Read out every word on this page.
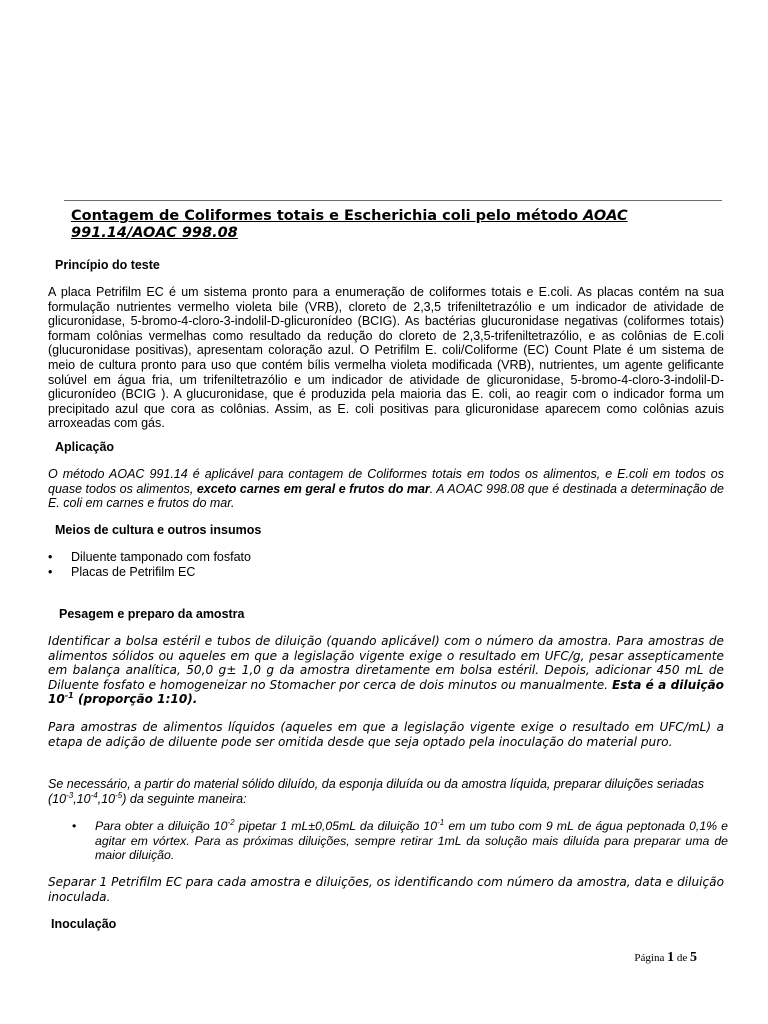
Contagem de Coliformes totais e Escherichia coli pelo método AOAC 991.14/AOAC 998.08
Princípio do teste

A placa Petrifilm EC é um sistema pronto para a enumeração de coliformes totais e E.coli. As placas contém na sua formulação nutrientes vermelho violeta bile (VRB), cloreto de 2,3,5 trifeniltetrazólio e um indicador de atividade de glicuronidase, 5-bromo-4-cloro-3-indolil-D-glicuronídeo (BCIG). As bactérias glucuronidase negativas (coliformes totais) formam colônias vermelhas como resultado da redução do cloreto de 2,3,5-trifeniltetrazólio, e as colônias de E.coli (glucuronidase positivas), apresentam coloração azul. O Petrifilm E. coli/Coliforme (EC) Count Plate é um sistema de meio de cultura pronto para uso que contém bílis vermelha violeta modificada (VRB), nutrientes, um agente gelificante solúvel em água fria, um trifeniltetrazólio e um indicador de atividade de glicuronidase, 5-bromo-4-cloro-3-indolil-D-glicuronídeo (BCIG ). A glucuronidase, que é produzida pela maioria das E. coli, ao reagir com o indicador forma um precipitado azul que cora as colônias. Assim, as E. coli positivas para glicuronidase aparecem como colônias azuis arroxeadas com gás.

Aplicação

O método AOAC 991.14 é aplicável para contagem de Coliformes totais em todos os alimentos, e E.coli em todos os quase todos os alimentos, exceto carnes em geral e frutos do mar. A AOAC 998.08 que é destinada a determinação de E. coli em carnes e frutos do mar.

Meios de cultura e outros insumos
• Diluente tamponado com fosfato
• Placas de Petrifilm EC
Pesagem e preparo da amostra

Identificar a bolsa estéril e tubos de diluição (quando aplicável) com o número da amostra. Para amostras de alimentos sólidos ou aqueles em que a legislação vigente exige o resultado em UFC/g, pesar assepticamente em balança analítica, 50,0 g± 1,0 g da amostra diretamente em bolsa estéril. Depois, adicionar 450 mL de Diluente fosfato e homogeneizar no Stomacher por cerca de dois minutos ou manualmente. Esta é a diluição $10^{-1}$ (proporção 1:10).

Para amostras de alimentos líquidos (aqueles em que a legislação vigente exige o resultado em UFC/mL) a etapa de adição de diluente pode ser omitida desde que seja optado pela inoculação do material puro.

Se necessário, a partir do material sólido diluído, da esponja diluída ou da amostra líquida, preparar diluições seriadas $(10^{-3},10^{-4},10^{-5})$ da seguinte maneira:

• Para obter a diluição $10^{-2}$ pipetar 1 mL±0,05mL da diluição $10^{-1}$ em um tubo com 9 mL de água peptonada 0,1% e agitar em vórtex. Para as próximas diluições, sempre retirar 1mL da solução mais diluída para preparar uma de maior diluição.

Separar 1 Petrifilm EC para cada amostra e diluições, os identificando com número da amostra, data e diluição inoculada.

Inoculação
Página 1 de 5
